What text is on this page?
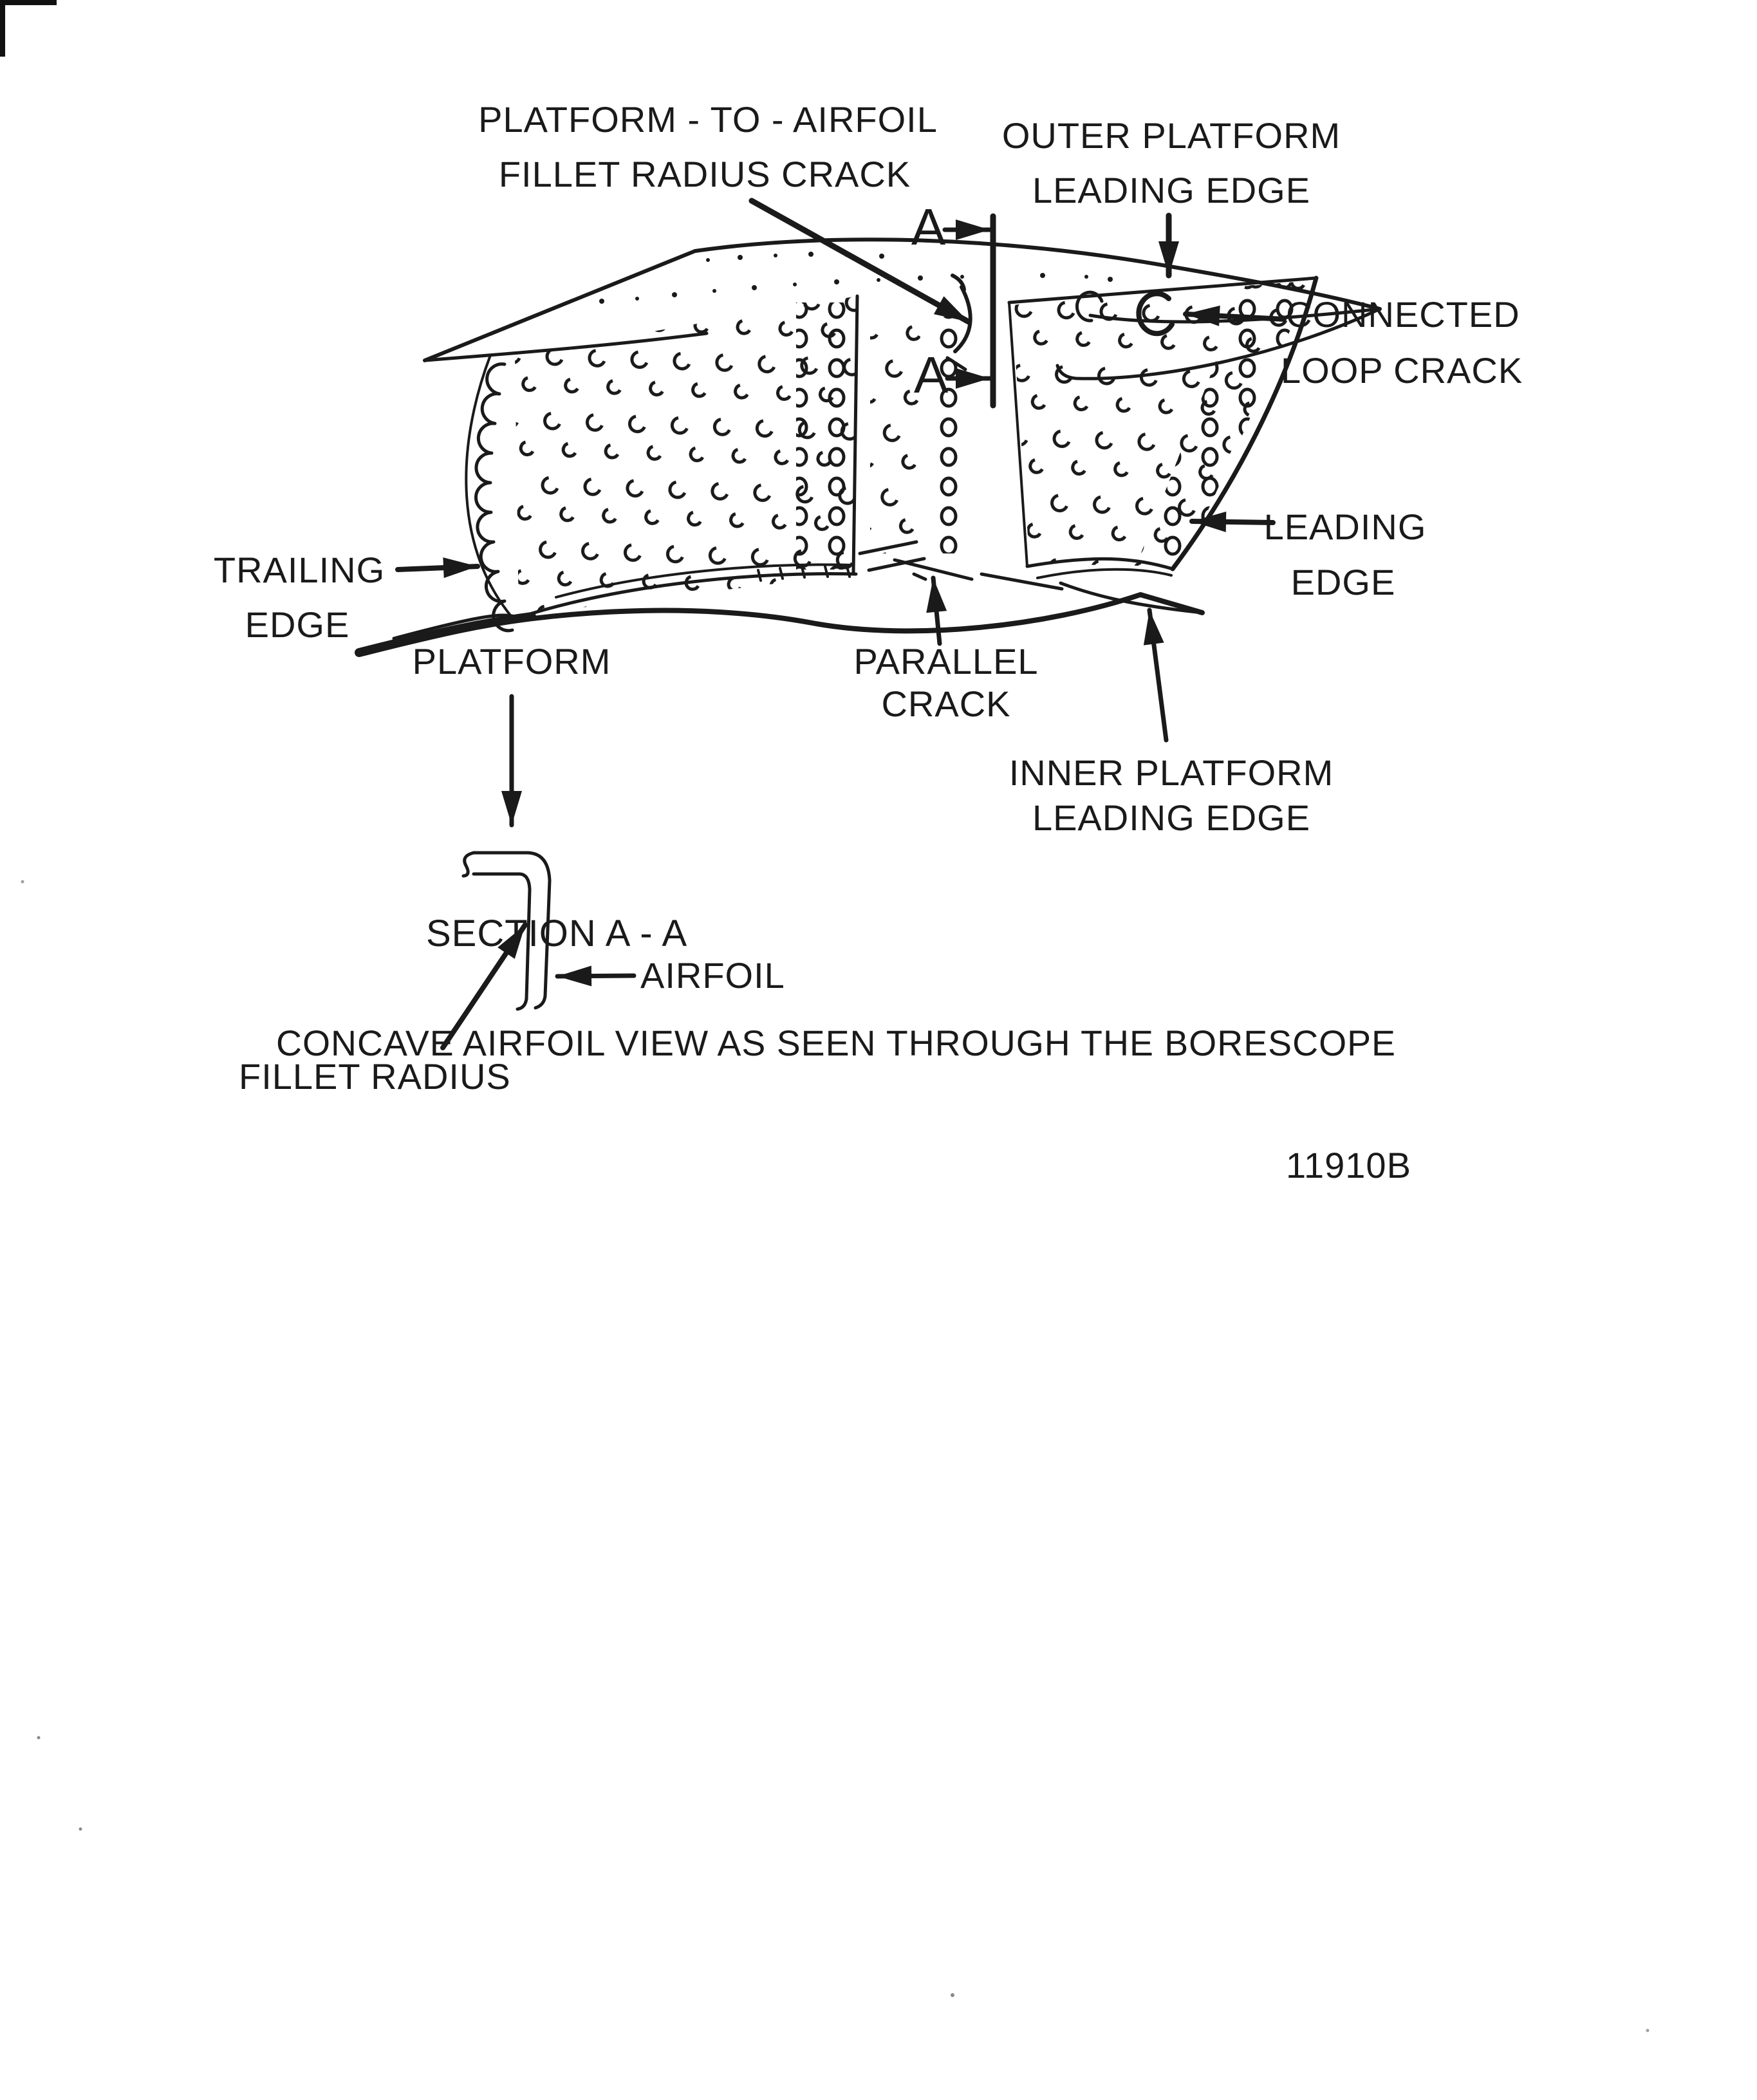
A
A
PLATFORM - TO - AIRFOIL
FILLET RADIUS CRACK
OUTER PLATFORM
LEADING EDGE
CONNECTED
LOOP CRACK
TRAILING
EDGE
LEADING
EDGE
PLATFORM	PARALLEL
CRACK
INNER PLATFORM
LEADING EDGE
AIRFOIL
FILLET RADIUS
SECTION A - A
CONCAVE AIRFOIL VIEW AS SEEN THROUGH THE BORESCOPE
11910B
